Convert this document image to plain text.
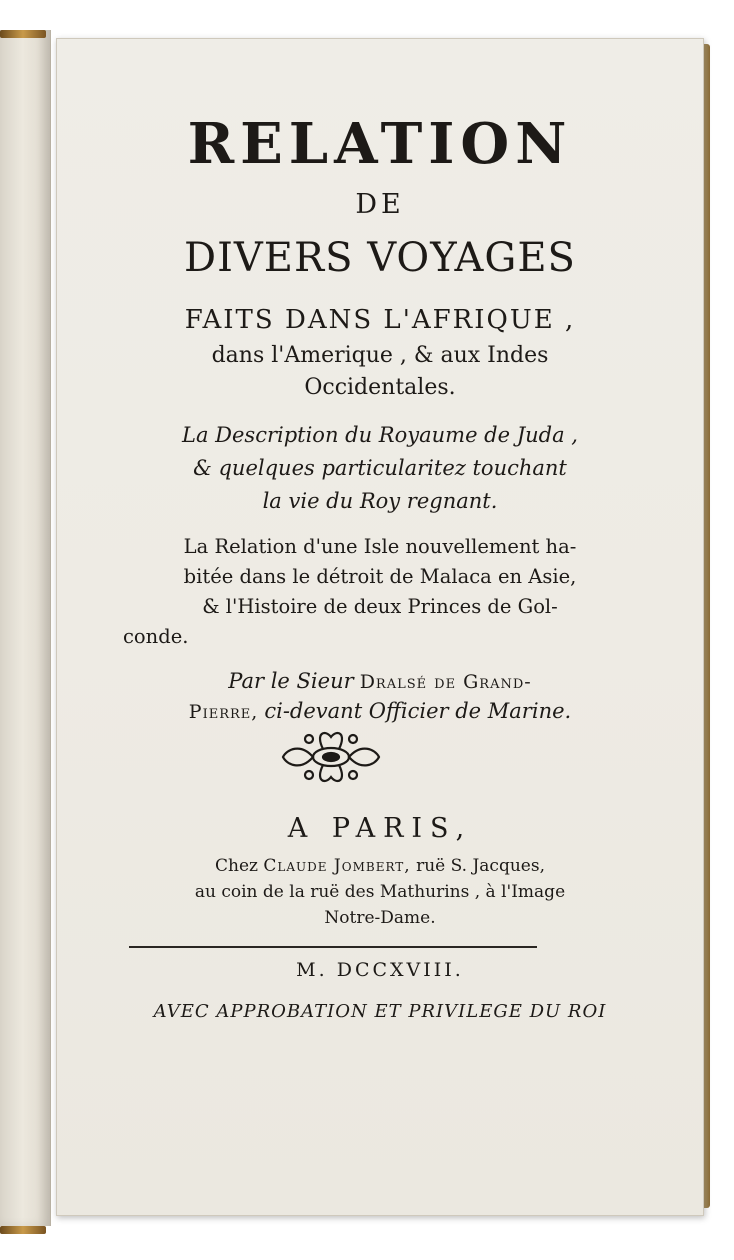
RELATION
DE
DIVERS VOYAGES
FAITS DANS L'AFRIQUE ,
dans l'Amerique , & aux Indes
Occidentales.
La Description du Royaume de Juda ,
& quelques particularitez touchant
la vie du Roy regnant.
La Relation d'une Isle nouvellement ha-
bitée dans le détroit de Malaca en Asie,
& l'Histoire de deux Princes de Gol-
conde.
Par le Sieur Dralsé de Grand-
Pierre, ci-devant Officier de Marine.
A PARIS,
Chez Claude Jombert, ruë S. Jacques,
au coin de la ruë des Mathurins , à l'Image
Notre-Dame.
M. DCCXVIII.
AVEC APPROBATION ET PRIVILEGE DU ROI
